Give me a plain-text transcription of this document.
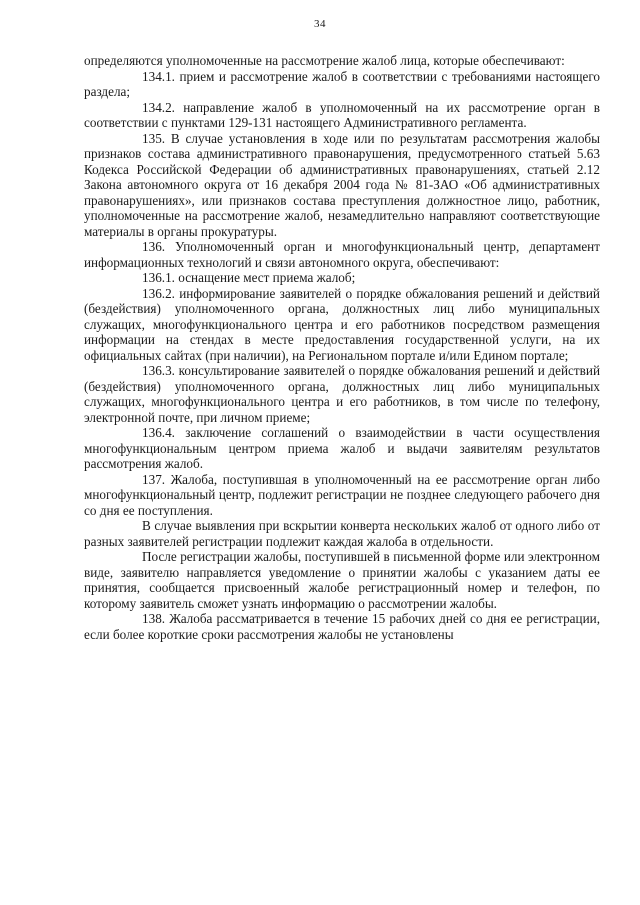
34

определяются уполномоченные на рассмотрение жалоб лица, которые обеспечивают:

134.1. прием и рассмотрение жалоб в соответствии с требованиями настоящего раздела;

134.2. направление жалоб в уполномоченный на их рассмотрение орган в соответствии с пунктами 129-131 настоящего Административного регламента.

135. В случае установления в ходе или по результатам рассмотрения жалобы признаков состава административного правонарушения, предусмотренного статьей 5.63 Кодекса Российской Федерации об административных правонарушениях, статьей 2.12 Закона автономного округа от 16 декабря 2004 года № 81-ЗАО «Об административных правонарушениях», или признаков состава преступления должностное лицо, работник, уполномоченные на рассмотрение жалоб, незамедлительно направляют соответствующие материалы в органы прокуратуры.

136. Уполномоченный орган и многофункциональный центр, департамент информационных технологий и связи автономного округа, обеспечивают:

136.1. оснащение мест приема жалоб;

136.2. информирование заявителей о порядке обжалования решений и действий (бездействия) уполномоченного органа, должностных лиц либо муниципальных служащих, многофункционального центра и его работников посредством размещения информации на стендах в месте предоставления государственной услуги, на их официальных сайтах (при наличии), на Региональном портале и/или Едином портале;

136.3. консультирование заявителей о порядке обжалования решений и действий (бездействия) уполномоченного органа, должностных лиц либо муниципальных служащих, многофункционального центра и его работников, в том числе по телефону, электронной почте, при личном приеме;

136.4. заключение соглашений о взаимодействии в части осуществления многофункциональным центром приема жалоб и выдачи заявителям результатов рассмотрения жалоб.

137. Жалоба, поступившая в уполномоченный на ее рассмотрение орган либо многофункциональный центр, подлежит регистрации не позднее следующего рабочего дня со дня ее поступления.

В случае выявления при вскрытии конверта нескольких жалоб от одного либо от разных заявителей регистрации подлежит каждая жалоба в отдельности.

После регистрации жалобы, поступившей в письменной форме или электронном виде, заявителю направляется уведомление о принятии жалобы с указанием даты ее принятия, сообщается присвоенный жалобе регистрационный номер и телефон, по которому заявитель сможет узнать информацию о рассмотрении жалобы.

138. Жалоба рассматривается в течение 15 рабочих дней со дня ее регистрации, если более короткие сроки рассмотрения жалобы не установлены
